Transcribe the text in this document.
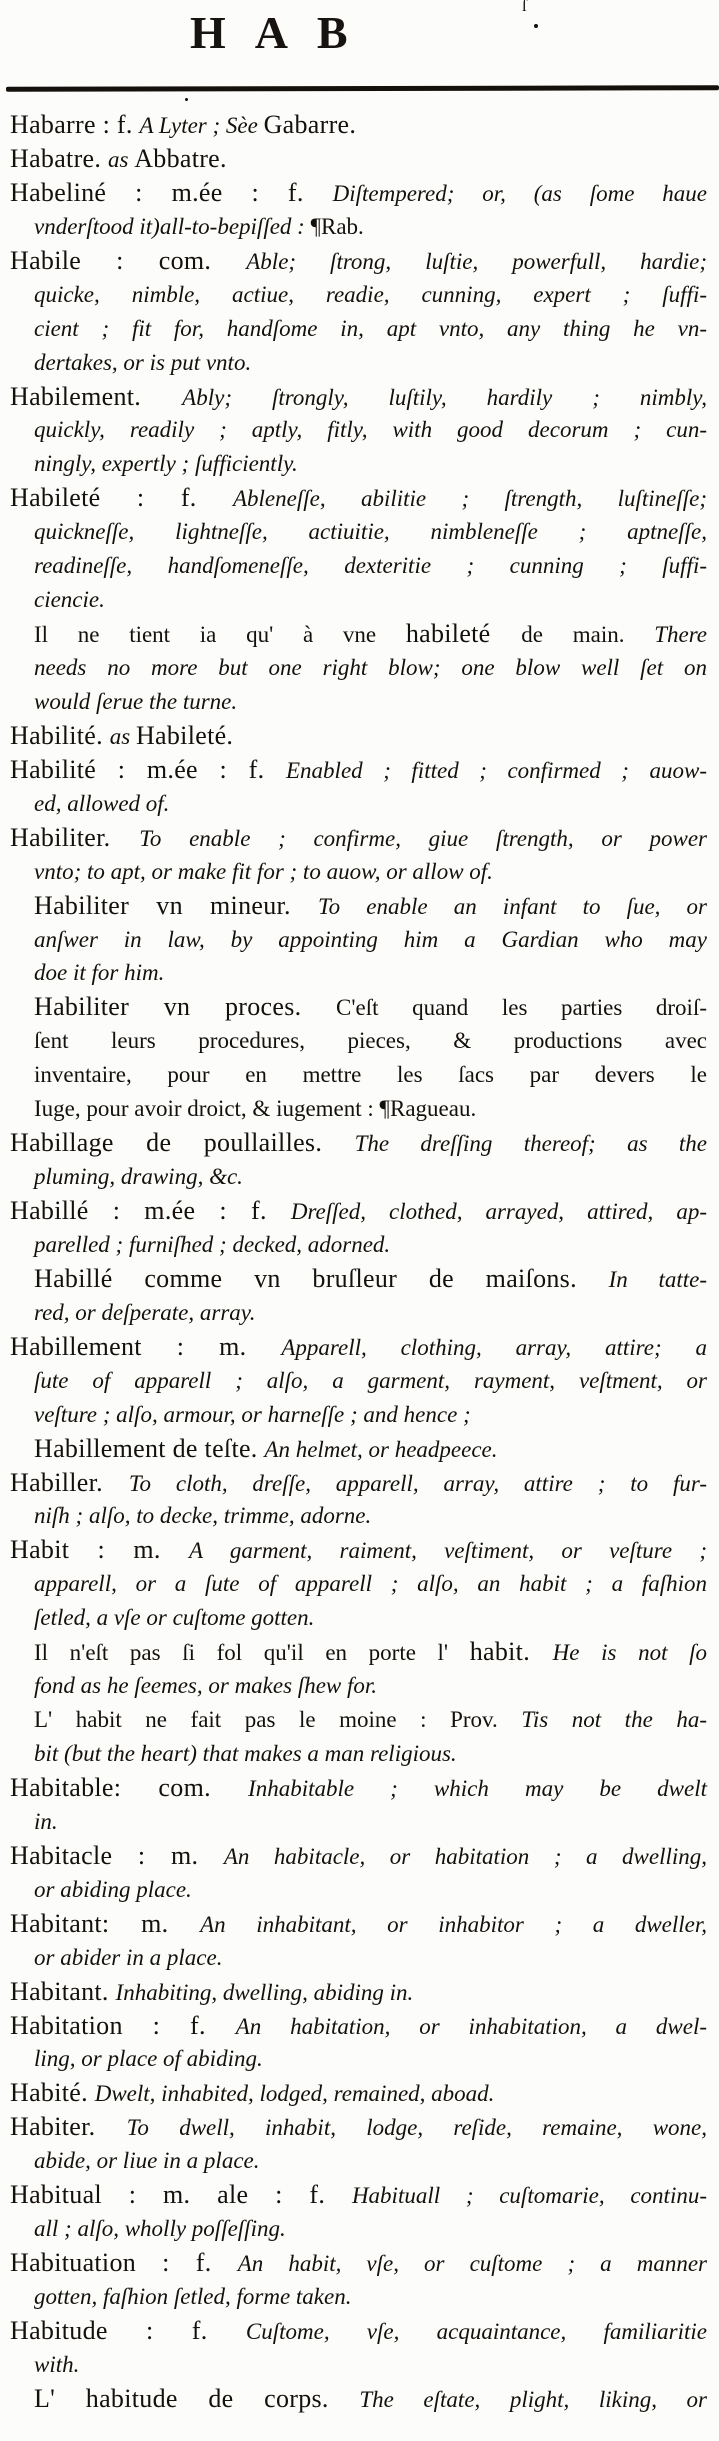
H A B
ſ
Habarre : f. A Lyter ; Sèe Gabarre.
Habatre. as Abbatre.
Habeliné : m.ée : f. Diſtempered; or, (as ſome haue
vnderſtood it)all-to-bepiſſed : ¶Rab.
Habile : com. Able; ſtrong, luſtie, powerfull, hardie;
quicke, nimble, actiue, readie, cunning, expert ; ſuffi-
cient ; fit for, handſome in, apt vnto, any thing he vn-
dertakes, or is put vnto.
Habilement. Ably; ſtrongly, luſtily, hardily ; nimbly,
quickly, readily ; aptly, fitly, with good decorum ; cun-
ningly, expertly ; ſufficiently.
Habileté : f. Ableneſſe, abilitie ; ſtrength, luſtineſſe;
quickneſſe, lightneſſe, actiuitie, nimbleneſſe ; aptneſſe,
readineſſe, handſomeneſſe, dexteritie ; cunning ; ſuffi-
ciencie.
Il ne tient ia qu' à vne habileté de main. There
needs no more but one right blow; one blow well ſet on
would ſerue the turne.
Habilité. as Habileté.
Habilité : m.ée : f. Enabled ; fitted ; confirmed ; auow-
ed, allowed of.
Habiliter. To enable ; confirme, giue ſtrength, or power
vnto; to apt, or make fit for ; to auow, or allow of.
Habiliter vn mineur. To enable an infant to ſue, or
anſwer in law, by appointing him a Gardian who may
doe it for him.
Habiliter vn proces. C'eſt quand les parties droiſ-
ſent leurs procedures, pieces, & productions avec
inventaire, pour en mettre les ſacs par devers le
Iuge, pour avoir droict, & iugement : ¶Ragueau.
Habillage de poullailles. The dreſſing thereof; as the
pluming, drawing, &c.
Habillé : m.ée : f. Dreſſed, clothed, arrayed, attired, ap-
parelled ; furniſhed ; decked, adorned.
Habillé comme vn bruſleur de maiſons. In tatte-
red, or deſperate, array.
Habillement : m. Apparell, clothing, array, attire; a
ſute of apparell ; alſo, a garment, rayment, veſtment, or
veſture ; alſo, armour, or harneſſe ; and hence ;
Habillement de teſte. An helmet, or headpeece.
Habiller. To cloth, dreſſe, apparell, array, attire ; to fur-
niſh ; alſo, to decke, trimme, adorne.
Habit : m. A garment, raiment, veſtiment, or veſture ;
apparell, or a ſute of apparell ; alſo, an habit ; a faſhion
ſetled, a vſe or cuſtome gotten.
Il n'eſt pas ſi fol qu'il en porte l' habit. He is not ſo
fond as he ſeemes, or makes ſhew for.
L' habit ne fait pas le moine : Prov. Tis not the ha-
bit (but the heart) that makes a man religious.
Habitable: com. Inhabitable ; which may be dwelt
in.
Habitacle : m. An habitacle, or habitation ; a dwelling,
or abiding place.
Habitant: m. An inhabitant, or inhabitor ; a dweller,
or abider in a place.
Habitant. Inhabiting, dwelling, abiding in.
Habitation : f. An habitation, or inhabitation, a dwel-
ling, or place of abiding.
Habité. Dwelt, inhabited, lodged, remained, aboad.
Habiter. To dwell, inhabit, lodge, reſide, remaine, wone,
abide, or liue in a place.
Habitual : m. ale : f. Habituall ; cuſtomarie, continu-
all ; alſo, wholly poſſeſſing.
Habituation : f. An habit, vſe, or cuſtome ; a manner
gotten, faſhion ſetled, forme taken.
Habitude : f. Cuſtome, vſe, acquaintance, familiaritie
with.
L' habitude de corps. The eſtate, plight, liking, or
